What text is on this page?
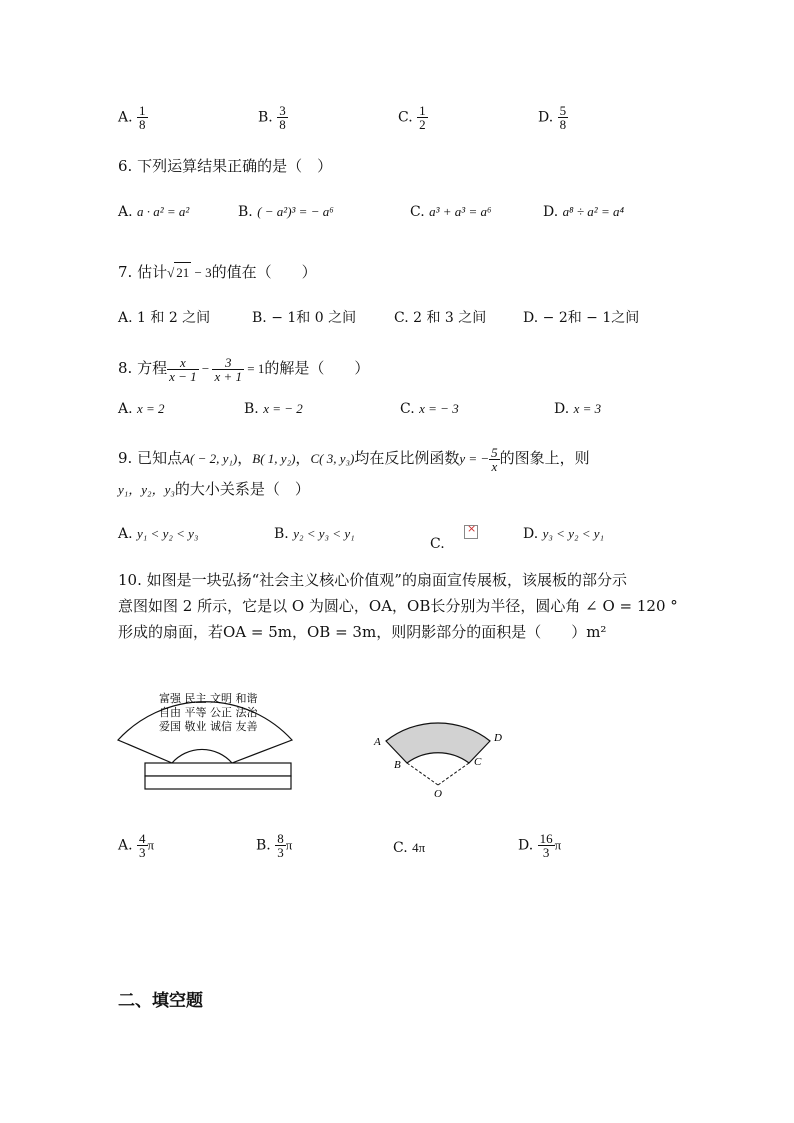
A. $\frac{1}{8}$	B. $\frac{3}{8}$	C. $\frac{1}{2}$	D. $\frac{5}{8}$
6. 下列运算结果正确的是（　）
A. a · a² = a²	B. ( − a²)³ = − a⁶	C. a³ + a³ = a⁶	D. a⁸ ÷ a² = a⁴
7. 估计√ 21 − 3的值在（　　）
A. 1 和 2 之间	B. − 1和 0 之间	C. 2 和 3 之间	D. − 2和 − 1之间
8. 方程 $\frac{x}{x - 1} - \frac{3}{x + 1} = 1$的解是（　　）
A. x = 2	B. x = − 2	C. x = − 3	D. x = 3
9. 已知点A( − 2, y₁)，B( 1, y₂)，C( 3, y₃)均在反比例函数y = − $\frac{5}{x}$ 的图象上，则
y₁，y₂，y₃的大小关系是（　）
A. y₁ < y₂ < y₃	B. y₂ < y₃ < y₁
C.
×
D. y₃ < y₂ < y₁
10. 如图是一块弘扬“社会主义核心价值观”的扇面宣传展板，该展板的部分示
意图如图 2 所示，它是以 O 为圆心，OA，OB长分别为半径，圆心角 ∠ O = 120 °
形成的扇面，若OA = 5m，OB = 3m，则阴影部分的面积是（　　）m²
富强 民主 文明 和谐
自由 平等 公正 法治
爱国 敬业 诚信 友善
A	D
B	C
O
A. $\frac{4}{3}$ π	B. $\frac{8}{3}$ π	C. 4π	D. $\frac{16}{3}$ π
二、填空题
